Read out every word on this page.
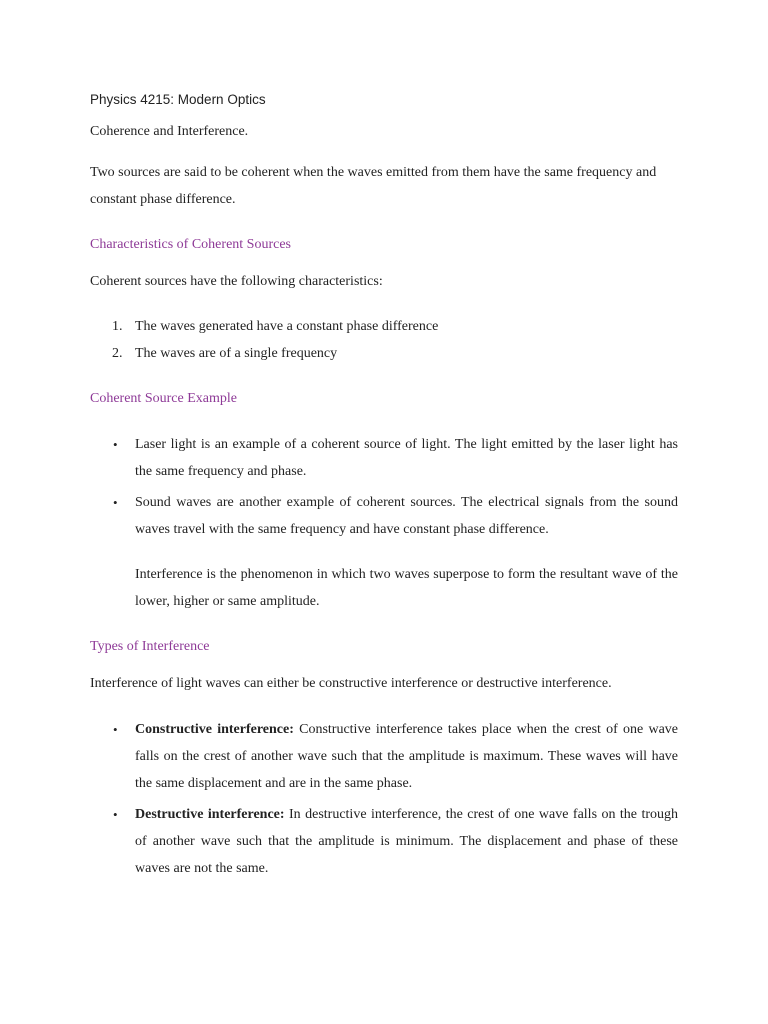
Physics 4215: Modern Optics
Coherence and Interference.
Two sources are said to be coherent when the waves emitted from them have the same frequency and constant phase difference.
Characteristics of Coherent Sources
Coherent sources have the following characteristics:
1. The waves generated have a constant phase difference
2. The waves are of a single frequency
Coherent Source Example
• Laser light is an example of a coherent source of light. The light emitted by the laser light has the same frequency and phase.
• Sound waves are another example of coherent sources. The electrical signals from the sound waves travel with the same frequency and have constant phase difference.
Interference is the phenomenon in which two waves superpose to form the resultant wave of the lower, higher or same amplitude.
Types of Interference
Interference of light waves can either be constructive interference or destructive interference.
• Constructive interference: Constructive interference takes place when the crest of one wave falls on the crest of another wave such that the amplitude is maximum. These waves will have the same displacement and are in the same phase.
• Destructive interference: In destructive interference, the crest of one wave falls on the trough of another wave such that the amplitude is minimum. The displacement and phase of these waves are not the same.
